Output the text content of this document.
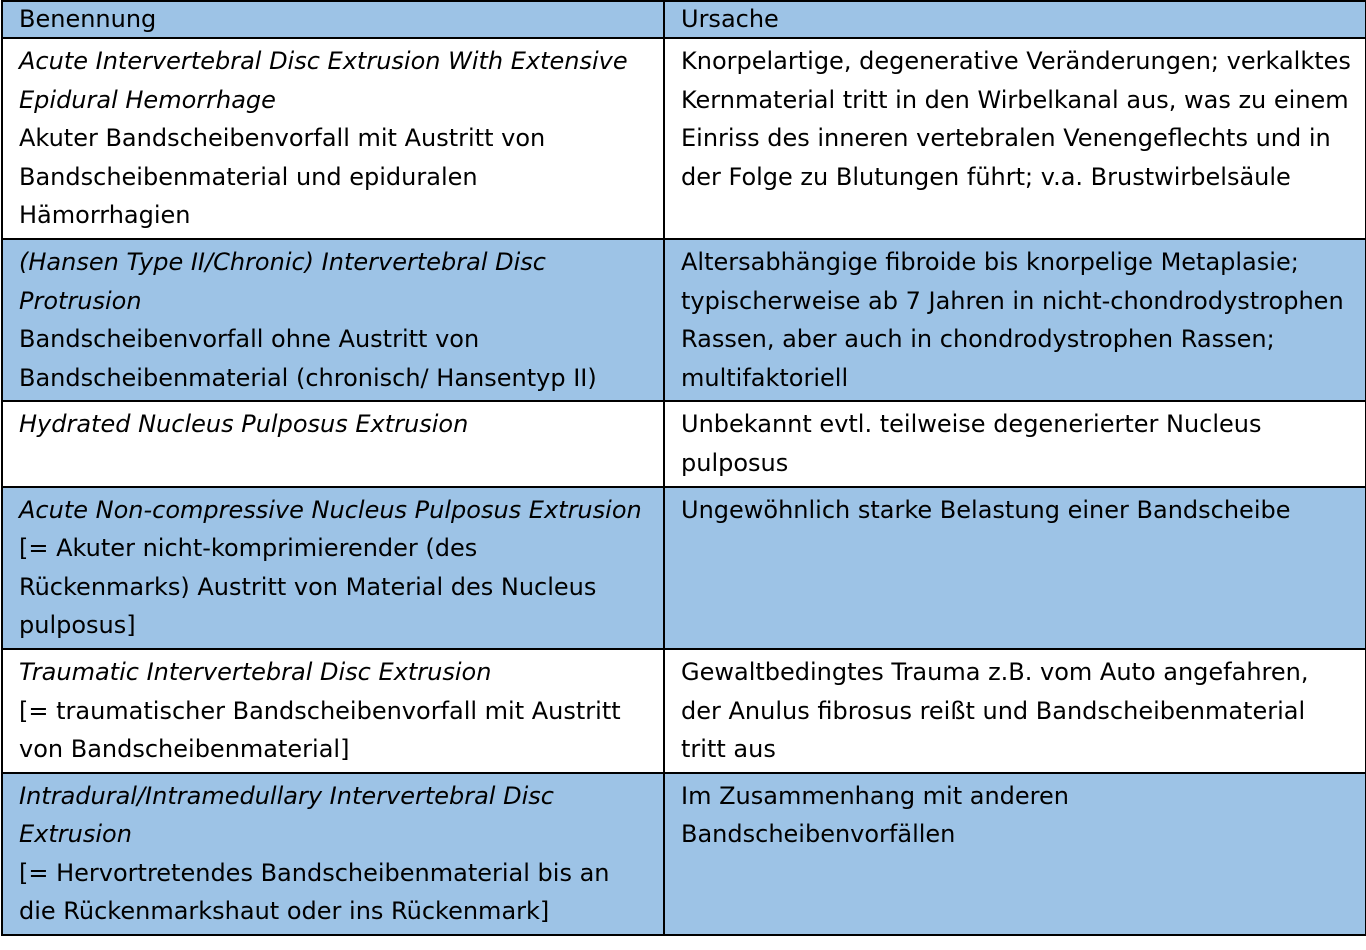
Benennung	Ursache

Acute Intervertebral Disc Extrusion With Extensive Epidural Hemorrhage
Akuter Bandscheibenvorfall mit Austritt von Bandscheibenmaterial und epiduralen Hämorrhagien	Knorpelartige, degenerative Veränderungen; verkalktes Kernmaterial tritt in den Wirbelkanal aus, was zu einem Einriss des inneren vertebralen Venengeflechts und in der Folge zu Blutungen führt; v.a. Brustwirbelsäule

(Hansen Type II/Chronic) Intervertebral Disc Protrusion
Bandscheibenvorfall ohne Austritt von Bandscheibenmaterial (chronisch/ Hansentyp II)	Altersabhängige fibroide bis knorpelige Metaplasie; typischerweise ab 7 Jahren in nicht-chondrodystrophen Rassen, aber auch in chondrodystrophen Rassen; multifaktoriell

Hydrated Nucleus Pulposus Extrusion	Unbekannt evtl. teilweise degenerierter Nucleus pulposus

Acute Non-compressive Nucleus Pulposus Extrusion
[= Akuter nicht-komprimierender (des Rückenmarks) Austritt von Material des Nucleus pulposus]	Ungewöhnlich starke Belastung einer Bandscheibe

Traumatic Intervertebral Disc Extrusion
[= traumatischer Bandscheibenvorfall mit Austritt von Bandscheibenmaterial]	Gewaltbedingtes Trauma z.B. vom Auto angefahren, der Anulus fibrosus reißt und Bandscheibenmaterial tritt aus

Intradural/Intramedullary Intervertebral Disc Extrusion
[= Hervortretendes Bandscheibenmaterial bis an die Rückenmarkshaut oder ins Rückenmark]	Im Zusammenhang mit anderen Bandscheibenvorfällen
